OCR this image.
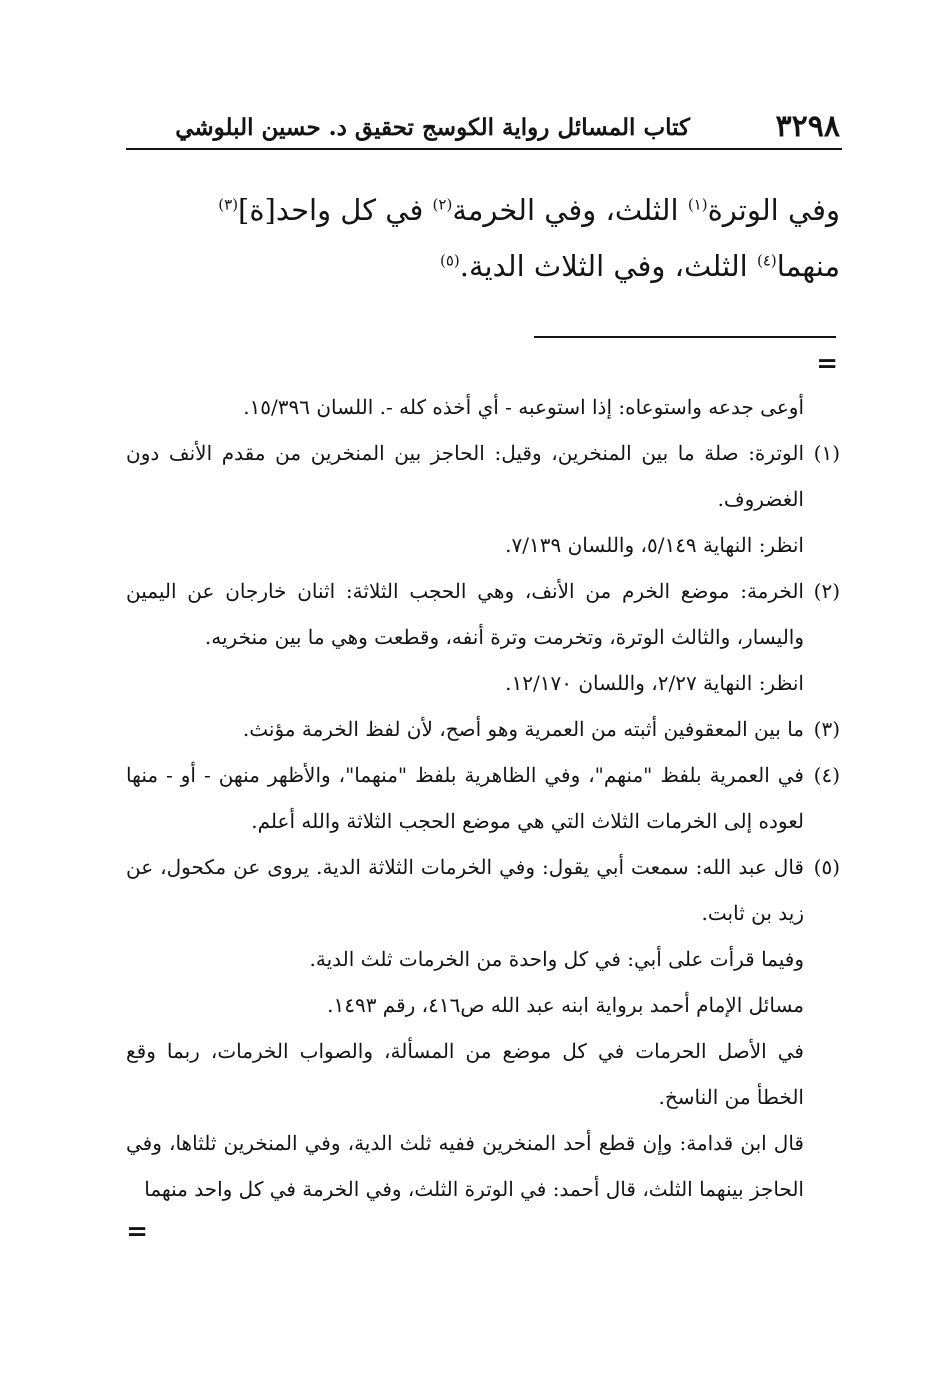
٣٢٩٨
كتاب المسائل رواية الكوسج تحقيق د. حسين البلوشي

وفي الوترة$^{(١)}$ الثلث، وفي الخرمة$^{(٢)}$ في كل واحد[ة]$^{(٣)}$ منهما$^{(٤)}$ الثلث، وفي الثلاث الدية.$^{(٥)}$

=

أوعى جدعه واستوعاه: إذا استوعبه - أي أخذه كله -. اللسان ١٥/٣٩٦.

(١)
الوترة: صلة ما بين المنخرين، وقيل: الحاجز بين المنخرين من مقدم الأنف دون الغضروف.
انظر: النهاية ٥/١٤٩، واللسان ٧/١٣٩.
(٢)
الخرمة: موضع الخرم من الأنف، وهي الحجب الثلاثة: اثنان خارجان عن اليمين واليسار، والثالث الوترة، وتخرمت وترة أنفه، وقطعت وهي ما بين منخريه.
انظر: النهاية ٢/٢٧، واللسان ١٢/١٧٠.
(٣)
ما بين المعقوفين أثبته من العمرية وهو أصح، لأن لفظ الخرمة مؤنث.
(٤)
في العمرية بلفظ "منهم"، وفي الظاهرية بلفظ "منهما"، والأظهر منهن - أو - منها لعوده إلى الخرمات الثلاث التي هي موضع الحجب الثلاثة والله أعلم.
(٥)
قال عبد الله: سمعت أبي يقول: وفي الخرمات الثلاثة الدية. يروى عن مكحول، عن زيد بن ثابت.
وفيما قرأت على أبي: في كل واحدة من الخرمات ثلث الدية.
مسائل الإمام أحمد برواية ابنه عبد الله ص٤١٦، رقم ١٤٩٣.
في الأصل الحرمات في كل موضع من المسألة، والصواب الخرمات، ربما وقع الخطأ من الناسخ.
قال ابن قدامة: وإن قطع أحد المنخرين ففيه ثلث الدية، وفي المنخرين ثلثاها، وفي الحاجز بينهما الثلث، قال أحمد: في الوترة الثلث، وفي الخرمة في كل واحد منهما
=
